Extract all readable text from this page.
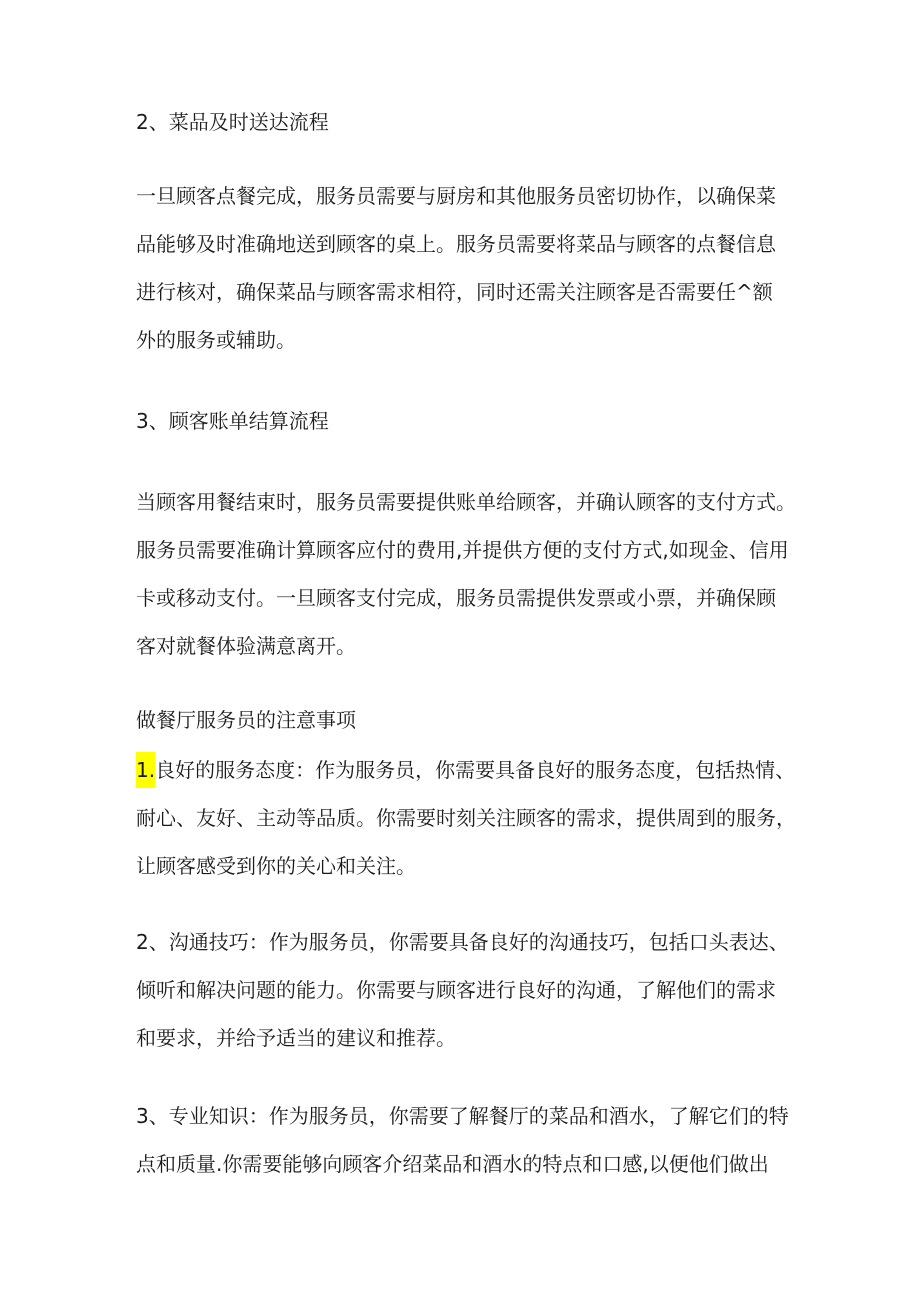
2、菜品及时送达流程
一旦顾客点餐完成，服务员需要与厨房和其他服务员密切协作，以确保菜
品能够及时准确地送到顾客的桌上。服务员需要将菜品与顾客的点餐信息
进行核对，确保菜品与顾客需求相符，同时还需关注顾客是否需要任^额
外的服务或辅助。
3、顾客账单结算流程
当顾客用餐结束时，服务员需要提供账单给顾客，并确认顾客的支付方式。
服务员需要准确计算顾客应付的费用,并提供方便的支付方式,如现金、信用
卡或移动支付。一旦顾客支付完成，服务员需提供发票或小票，并确保顾
客对就餐体验满意离开。
做餐厅服务员的注意事项
1.良好的服务态度：作为服务员，你需要具备良好的服务态度，包括热情、
耐心、友好、主动等品质。你需要时刻关注顾客的需求，提供周到的服务，
让顾客感受到你的关心和关注。
2、沟通技巧：作为服务员，你需要具备良好的沟通技巧，包括口头表达、
倾听和解决问题的能力。你需要与顾客进行良好的沟通，了解他们的需求
和要求，并给予适当的建议和推荐。
3、专业知识：作为服务员，你需要了解餐厅的菜品和酒水，了解它们的特
点和质量.你需要能够向顾客介绍菜品和酒水的特点和口感,以便他们做出
